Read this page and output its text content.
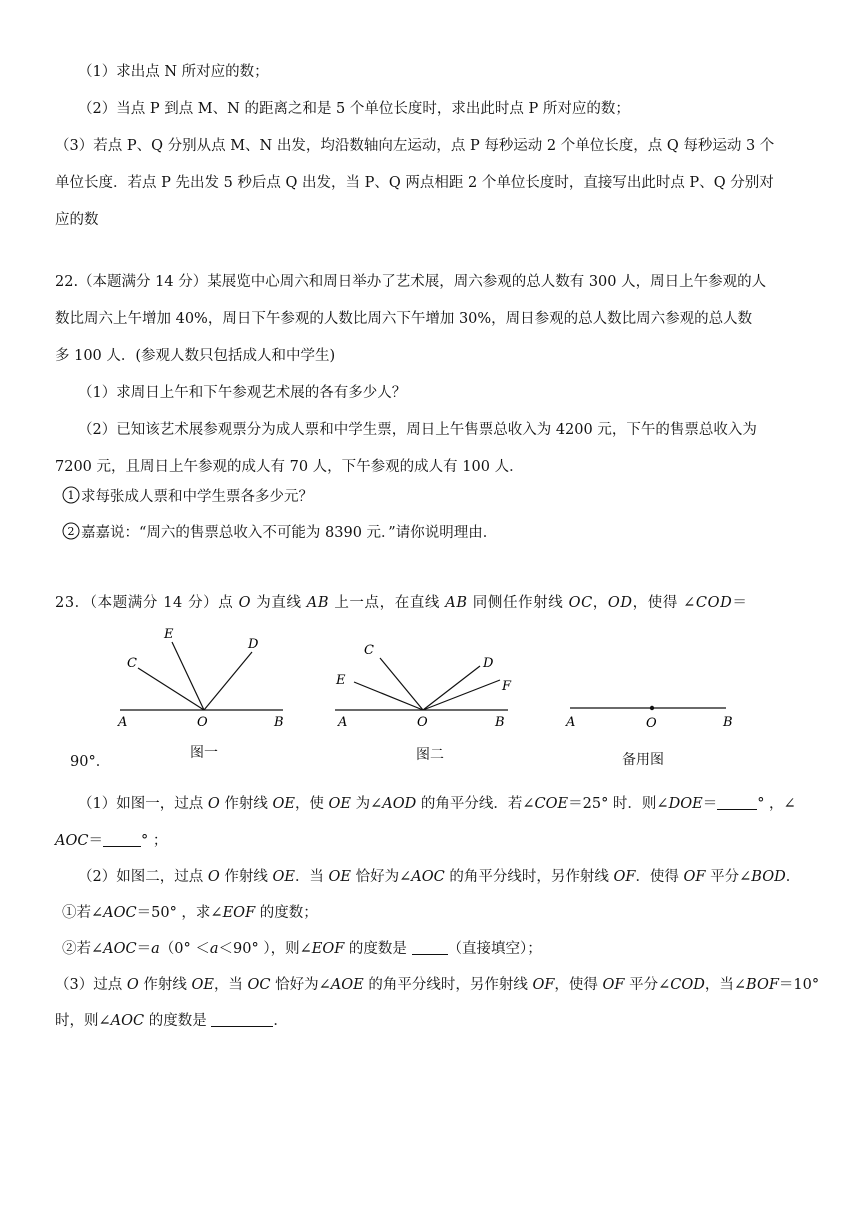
（1）求出点 N 所对应的数；
（2）当点 P 到点 M、N 的距离之和是 5 个单位长度时，求出此时点 P 所对应的数；
（3）若点 P、Q 分别从点 M、N 出发，均沿数轴向左运动，点 P 每秒运动 2 个单位长度，点 Q 每秒运动 3 个
单位长度．若点 P 先出发 5 秒后点 Q 出发，当 P、Q 两点相距 2 个单位长度时，直接写出此时点 P、Q 分别对
应的数
22.（本题满分 14 分）某展览中心周六和周日举办了艺术展，周六参观的总人数有 300 人，周日上午参观的人
数比周六上午增加 40%，周日下午参观的人数比周六下午增加 30%，周日参观的总人数比周六参观的总人数
多 100 人．(参观人数只包括成人和中学生)
（1）求周日上午和下午参观艺术展的各有多少人？
（2）已知该艺术展参观票分为成人票和中学生票，周日上午售票总收入为 4200 元，下午的售票总收入为
7200 元，且周日上午参观的成人有 70 人，下午参观的成人有 100 人．
1 求每张成人票和中学生票各多少元？
2 嘉嘉说：“周六的售票总收入不可能为 8390 元．”请你说明理由．
23．（本题满分 14 分）点 O 为直线 AB 上一点，在直线 AB 同侧任作射线 OC，OD，使得 ∠COD＝
A	O	B
C
E
D
A	O	B
C
E
D
F
A	O	B
图一	图二	备用图
90°．
（1）如图一，过点 O 作射线 OE，使 OE 为∠AOD 的角平分线．若∠COE＝25° 时．则∠DOE＝	° ，∠
AOC＝	° ；
（2）如图二，过点 O 作射线 OE．当 OE 恰好为∠AOC 的角平分线时，另作射线 OF．使得 OF 平分∠BOD．
①若∠AOC＝50° ，求∠EOF 的度数；
②若∠AOC＝a（0° ＜a＜90° ），则∠EOF 的度数是 （直接填空）；
（3）过点 O 作射线 OE，当 OC 恰好为∠AOE 的角平分线时，另作射线 OF，使得 OF 平分∠COD，当∠BOF＝10°
时，则∠AOC 的度数是	．
